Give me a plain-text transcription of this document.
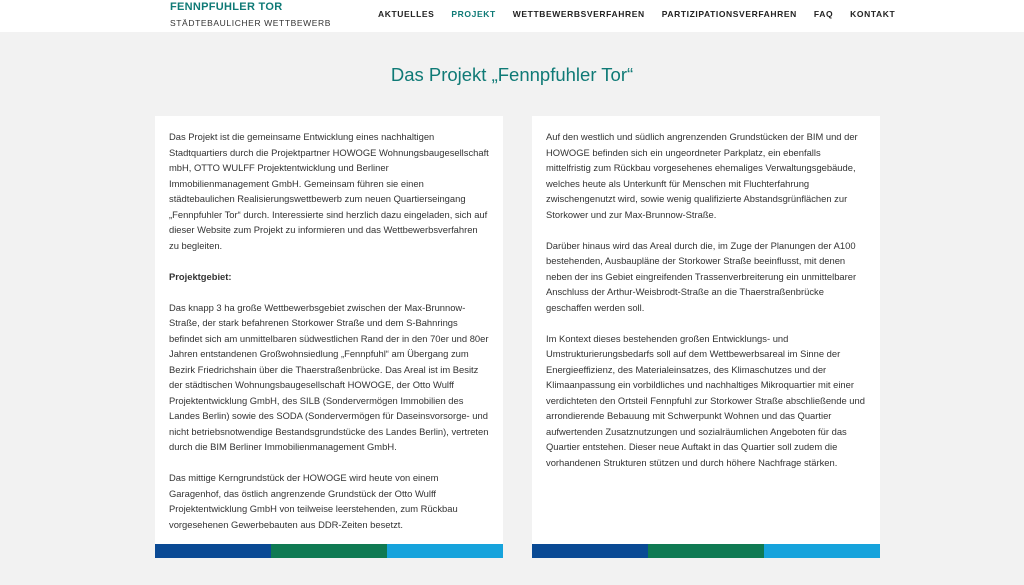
FENNPFUHLER TOR
STÄDTEBAULICHER WETTBEWERB
AKTUELLES PROJEKT WETTBEWERBSVERFAHREN PARTIZIPATIONSVERFAHREN FAQ KONTAKT
Das Projekt „Fennpfuhler Tor“

Das Projekt ist die gemeinsame Entwicklung eines nachhaltigen Stadtquartiers durch die Projektpartner HOWOGE Wohnungsbaugesellschaft mbH, OTTO WULFF Projektentwicklung und Berliner Immobilienmanagement GmbH. Gemeinsam führen sie einen städtebaulichen Realisierungswettbewerb zum neuen Quartierseingang „Fennpfuhler Tor“ durch. Interessierte sind herzlich dazu eingeladen, sich auf dieser Website zum Projekt zu informieren und das Wettbewerbsverfahren zu begleiten.

Projektgebiet:

Das knapp 3 ha große Wettbewerbsgebiet zwischen der Max-Brunnow-Straße, der stark befahrenen Storkower Straße und dem S-Bahnrings befindet sich am unmittelbaren südwestlichen Rand der in den 70er und 80er Jahren entstandenen Großwohnsiedlung „Fennpfuhl“ am Übergang zum Bezirk Friedrichshain über die Thaerstraßenbrücke. Das Areal ist im Besitz der städtischen Wohnungsbaugesellschaft HOWOGE, der Otto Wulff Projektentwicklung GmbH, des SILB (Sondervermögen Immobilien des Landes Berlin) sowie des SODA (Sondervermögen für Daseinsvorsorge- und nicht betriebsnotwendige Bestandsgrundstücke des Landes Berlin), vertreten durch die BIM Berliner Immobilienmanagement GmbH.

Das mittige Kerngrundstück der HOWOGE wird heute von einem Garagenhof, das östlich angrenzende Grundstück der Otto Wulff Projektentwicklung GmbH von teilweise leerstehenden, zum Rückbau vorgesehenen Gewerbebauten aus DDR-Zeiten besetzt.

Auf den westlich und südlich angrenzenden Grundstücken der BIM und der HOWOGE befinden sich ein ungeordneter Parkplatz, ein ebenfalls mittelfristig zum Rückbau vorgesehenes ehemaliges Verwaltungsgebäude, welches heute als Unterkunft für Menschen mit Fluchterfahrung zwischengenutzt wird, sowie wenig qualifizierte Abstandsgrünflächen zur Storkower und zur Max-Brunnow-Straße.

Darüber hinaus wird das Areal durch die, im Zuge der Planungen der A100 bestehenden, Ausbaupläne der Storkower Straße beeinflusst, mit denen neben der ins Gebiet eingreifenden Trassenverbreiterung ein unmittelbarer Anschluss der Arthur-Weisbrodt-Straße an die Thaerstraßenbrücke geschaffen werden soll.

Im Kontext dieses bestehenden großen Entwicklungs- und Umstrukturierungsbedarfs soll auf dem Wettbewerbsareal im Sinne der Energieeffizienz, des Materialeinsatzes, des Klimaschutzes und der Klimaanpassung ein vorbildliches und nachhaltiges Mikroquartier mit einer verdichteten den Ortsteil Fennpfuhl zur Storkower Straße abschließende und arrondierende Bebauung mit Schwerpunkt Wohnen und das Quartier aufwertenden Zusatznutzungen und sozialräumlichen Angeboten für das Quartier entstehen. Dieser neue Auftakt in das Quartier soll zudem die vorhandenen Strukturen stützen und durch höhere Nachfrage stärken.
